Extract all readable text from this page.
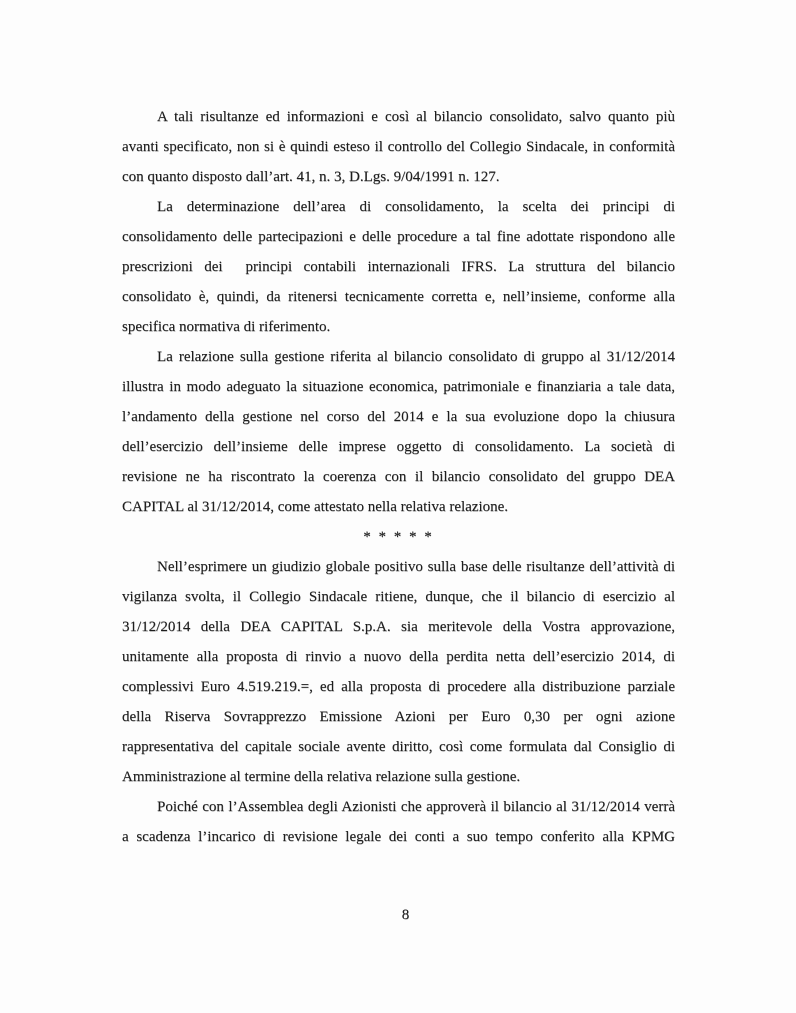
A tali risultanze ed informazioni e così al bilancio consolidato, salvo quanto più
avanti specificato, non si è quindi esteso il controllo del Collegio Sindacale, in conformità
con quanto disposto dall’art. 41, n. 3, D.Lgs. 9/04/1991 n. 127.
La determinazione dell’area di consolidamento, la scelta dei principi di
consolidamento delle partecipazioni e delle procedure a tal fine adottate rispondono alle
prescrizioni dei  principi contabili internazionali IFRS. La struttura del bilancio
consolidato è, quindi, da ritenersi tecnicamente corretta e, nell’insieme, conforme alla
specifica normativa di riferimento.
La relazione sulla gestione riferita al bilancio consolidato di gruppo al 31/12/2014
illustra in modo adeguato la situazione economica, patrimoniale e finanziaria a tale data,
l’andamento della gestione nel corso del 2014 e la sua evoluzione dopo la chiusura
dell’esercizio dell’insieme delle imprese oggetto di consolidamento. La società di
revisione ne ha riscontrato la coerenza con il bilancio consolidato del gruppo DEA
CAPITAL al 31/12/2014, come attestato nella relativa relazione.
* * * * *
Nell’esprimere un giudizio globale positivo sulla base delle risultanze dell’attività di
vigilanza svolta, il Collegio Sindacale ritiene, dunque, che il bilancio di esercizio al
31/12/2014 della DEA CAPITAL S.p.A. sia meritevole della Vostra approvazione,
unitamente alla proposta di rinvio a nuovo della perdita netta dell’esercizio 2014, di
complessivi Euro 4.519.219.=, ed alla proposta di procedere alla distribuzione parziale
della Riserva Sovrapprezzo Emissione Azioni per Euro 0,30 per ogni azione
rappresentativa del capitale sociale avente diritto, così come formulata dal Consiglio di
Amministrazione al termine della relativa relazione sulla gestione.
Poiché con l’Assemblea degli Azionisti che approverà il bilancio al 31/12/2014 verrà
a scadenza l’incarico di revisione legale dei conti a suo tempo conferito alla KPMG
8
